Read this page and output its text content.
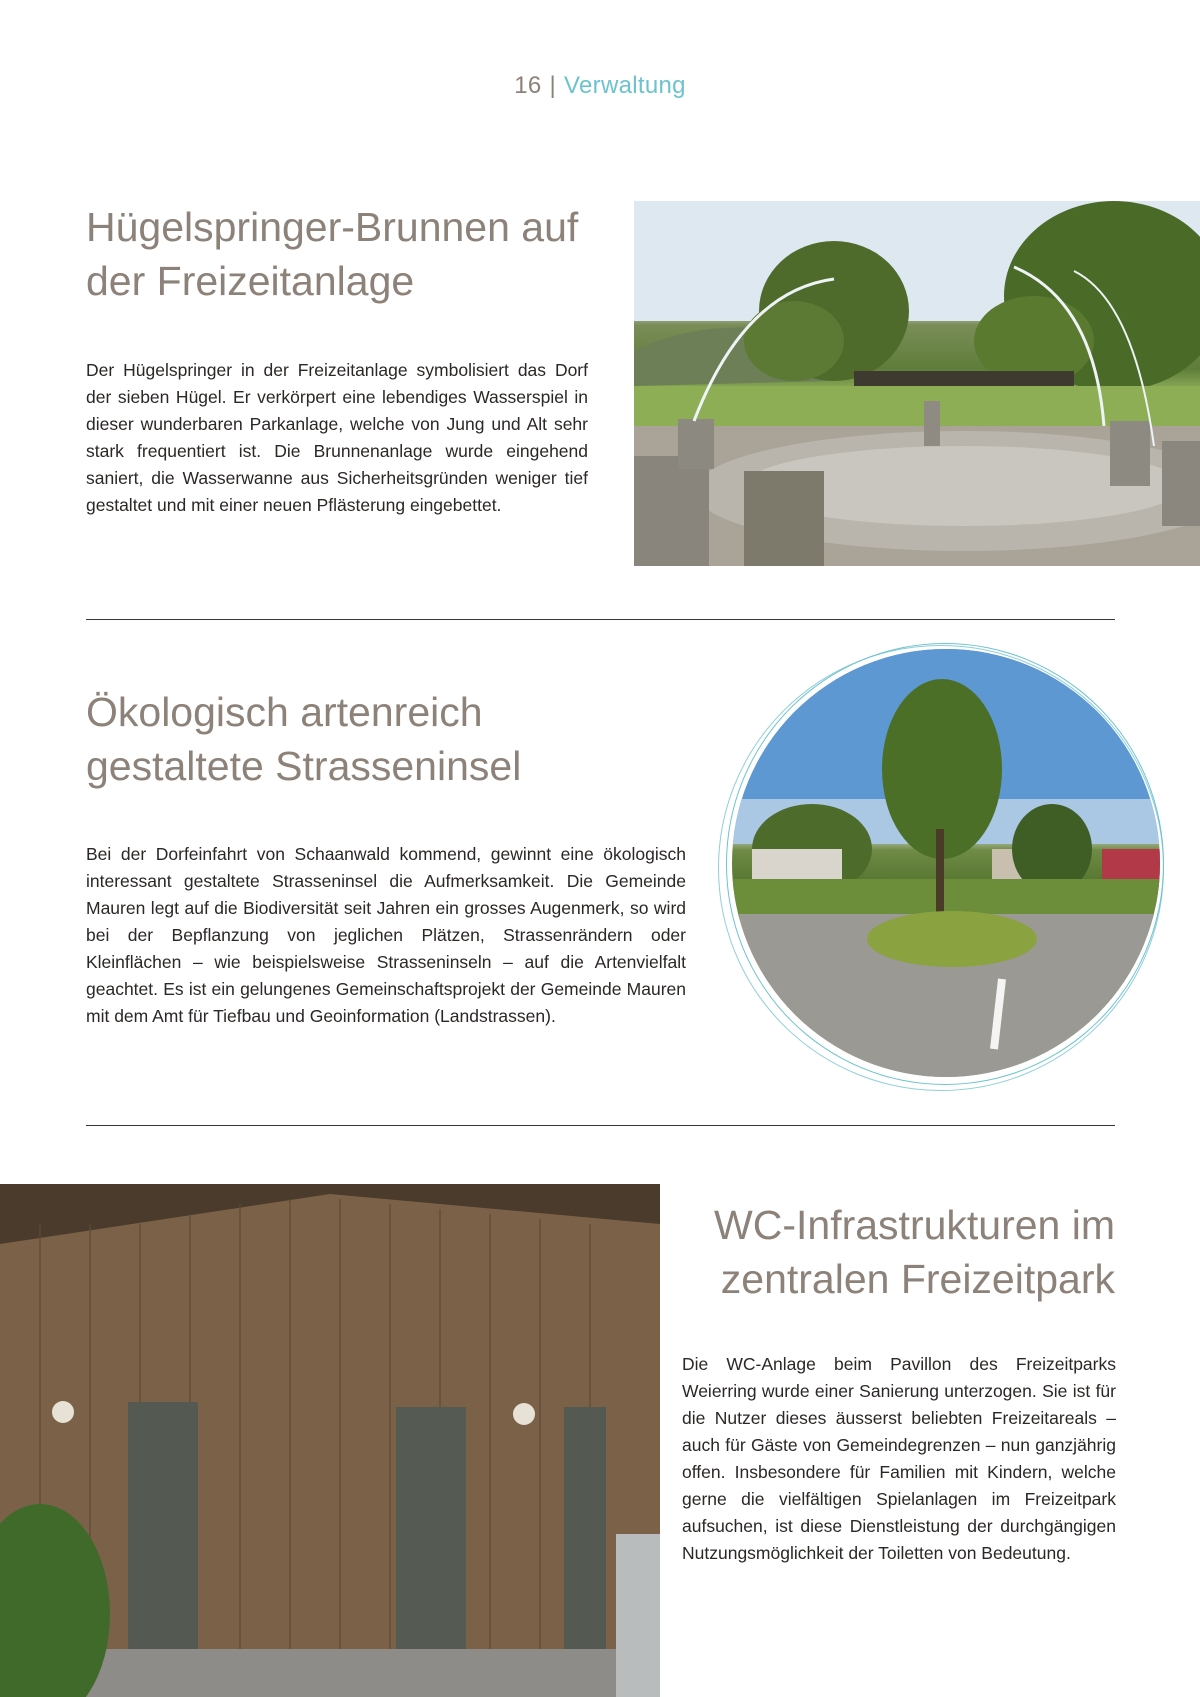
16 | Verwaltung
Hügelspringer-Brunnen auf
der Freizeitanlage

Der Hügelspringer in der Freizeitanlage symbolisiert das Dorf der sieben Hügel. Er verkörpert eine lebendiges Wasserspiel in dieser wunderbaren Parkanlage, welche von Jung und Alt sehr stark frequentiert ist. Die Brunnenanlage wurde eingehend saniert, die Wasserwanne aus Sicherheitsgründen weniger tief gestaltet und mit einer neuen Pflästerung eingebettet.

Ökologisch artenreich
gestaltete Strasseninsel

Bei der Dorfeinfahrt von Schaanwald kommend, gewinnt eine ökologisch interessant gestaltete Strasseninsel die Aufmerksamkeit. Die Gemeinde Mauren legt auf die Biodiversität seit Jahren ein grosses Augenmerk, so wird bei der Bepflanzung von jeglichen Plätzen, Strassenrändern oder Kleinflächen – wie beispielsweise Strasseninseln – auf die Artenvielfalt geachtet. Es ist ein gelungenes Gemeinschaftsprojekt der Gemeinde Mauren mit dem Amt für Tiefbau und Geoinformation (Landstrassen).

WC-Infrastrukturen im
zentralen Freizeitpark

Die WC-Anlage beim Pavillon des Freizeitparks Weierring wurde einer Sanierung unterzogen. Sie ist für die Nutzer dieses äusserst beliebten Freizeitareals – auch für Gäste von Gemeindegrenzen – nun ganzjährig offen. Insbesondere für Familien mit Kindern, welche gerne die vielfältigen Spielanlagen im Freizeitpark aufsuchen, ist diese Dienstleistung der durchgängigen Nutzungsmöglichkeit der Toiletten von Bedeutung.
